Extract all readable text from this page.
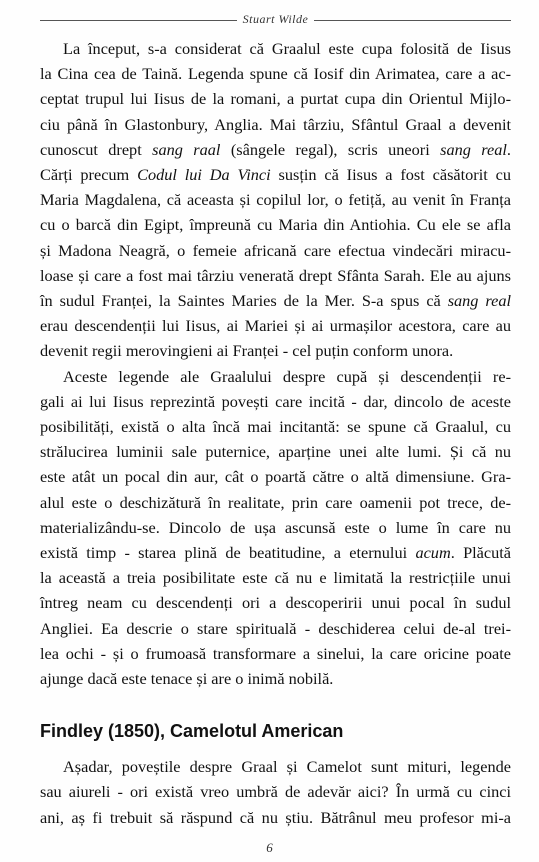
Stuart Wilde
La început, s-a considerat că Graalul este cupa folosită de Iisus
la Cina cea de Taină. Legenda spune că Iosif din Arimatea, care a ac-
ceptat trupul lui Iisus de la romani, a purtat cupa din Orientul Mijlo-
ciu până în Glastonbury, Anglia. Mai târziu, Sfântul Graal a devenit
cunoscut drept sang raal (sângele regal), scris uneori sang real.
Cărți precum Codul lui Da Vinci susțin că Iisus a fost căsătorit cu
Maria Magdalena, că aceasta și copilul lor, o fetiță, au venit în Franța
cu o barcă din Egipt, împreună cu Maria din Antiohia. Cu ele se afla
și Madona Neagră, o femeie africană care efectua vindecări miracu-
loase și care a fost mai târziu venerată drept Sfânta Sarah. Ele au ajuns
în sudul Franței, la Saintes Maries de la Mer. S-a spus că sang real
erau descendenții lui Iisus, ai Mariei și ai urmașilor acestora, care au
devenit regii merovingieni ai Franței - cel puțin conform unora.
Aceste legende ale Graalului despre cupă și descendenții re-
gali ai lui Iisus reprezintă povești care incită - dar, dincolo de aceste
posibilități, există o alta încă mai incitantă: se spune că Graalul, cu
strălucirea luminii sale puternice, aparține unei alte lumi. Și că nu
este atât un pocal din aur, cât o poartă către o altă dimensiune. Gra-
alul este o deschizătură în realitate, prin care oamenii pot trece, de-
materializându-se. Dincolo de ușa ascunsă este o lume în care nu
există timp - starea plină de beatitudine, a eternului acum. Plăcută
la această a treia posibilitate este că nu e limitată la restricțiile unui
întreg neam cu descendenți ori a descoperirii unui pocal în sudul
Angliei. Ea descrie o stare spirituală - deschiderea celui de-al trei-
lea ochi - și o frumoasă transformare a sinelui, la care oricine poate
ajunge dacă este tenace și are o inimă nobilă.
Findley (1850), Camelotul American
Așadar, poveștile despre Graal și Camelot sunt mituri, legende
sau aiureli - ori există vreo umbră de adevăr aici? În urmă cu cinci
ani, aș fi trebuit să răspund că nu știu. Bătrânul meu profesor mi-a
6
